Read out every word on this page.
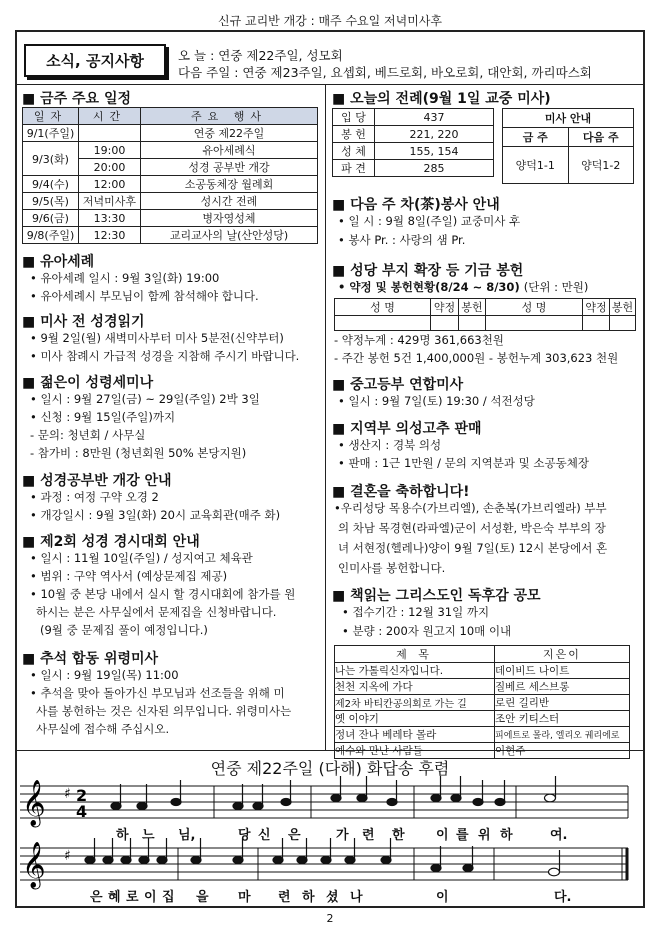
신규 교리반 개강 : 매주 수요일 저녁미사후
소식, 공지사항	오 늘 : 연중 제22주일, 성모회
다음 주일 : 연중 제23주일, 요셉회, 베드로회, 바오로회, 대안회, 까리따스회
■ 금주 주요 일정
일자	시간	주요 행사
9/1(주일)		연중 제22주일
9/3(화)	19:00	유아세례식
	20:00	성경 공부반 개강
9/4(수)	12:00	소공동체장 월례회
9/5(목)	저녁미사후	성시간 전례
9/6(금)	13:30	병자영성체
9/8(주일)	12:30	교리교사의 날(산안성당)
■ 유아세례
• 유아세례 일시 : 9월 3일(화) 19:00
• 유아세례시 부모님이 함께 참석해야 합니다.
■ 미사 전 성경읽기
• 9월 2일(월) 새벽미사부터 미사 5분전(신약부터)
• 미사 참례시 가급적 성경을 지참해 주시기 바랍니다.
■ 젊은이 성령세미나
• 일시 : 9월 27일(금) ~ 29일(주일) 2박 3일
• 신청 : 9월 15일(주일)까지
- 문의: 청년회 / 사무실
- 참가비 : 8만원 (청년회원 50% 본당지원)
■ 성경공부반 개강 안내
• 과정 : 여정 구약 오경 2
• 개강일시 : 9월 3일(화) 20시 교육회관(매주 화)
■ 제2회 성경 경시대회 안내
• 일시 : 11월 10일(주일) / 성지여고 체육관
• 범위 : 구약 역사서 (예상문제집 제공)
• 10월 중 본당 내에서 실시 할 경시대회에 참가를 원
하시는 분은 사무실에서 문제집을 신청바랍니다.
(9월 중 문제집 풀이 예정입니다.)
■ 추석 합동 위령미사
• 일시 : 9월 19일(목) 11:00
• 추석을 맞아 돌아가신 부모님과 선조들을 위해 미
사를 봉헌하는 것은 신자된 의무입니다. 위령미사는
사무실에 접수해 주십시오.
■ 오늘의 전례(9월 1일 교중 미사)
입 당	437
봉 헌	221, 220
성 체	155, 154
파 견	285
미사 안내	
금 주	다음 주
양덕1-1	양덕1-2
■ 다음 주 차(茶)봉사 안내
• 일 시 : 9월 8일(주일) 교중미사 후
• 봉사 Pr. : 사랑의 샘 Pr.
■ 성당 부지 확장 등 기금 봉헌
• 약정 및 봉헌현황(8/24 ~ 8/30) (단위 : 만원)
성 명	약정	봉헌	성 명	약정	봉헌

- 약정누계 : 429명 361,663천원
- 주간 봉헌 5건 1,400,000원 - 봉헌누계 303,623 천원
■ 중고등부 연합미사
• 일시 : 9월 7일(토) 19:30 / 석전성당
■ 지역부 의성고추 판매
• 생산지 : 경북 의성
• 판매 : 1근 1만원 / 문의 지역분과 및 소공동체장
■ 결혼을 축하합니다!
•우리성당 목용수(가브리엘), 손춘복(가브리엘라) 부부
의 차남 목경현(라파엘)군이 서성환, 박은숙 부부의 장
녀 서현정(헬레나)양이 9월 7일(토) 12시 본당에서 혼
인미사를 봉헌합니다.
■ 책읽는 그리스도인 독후감 공모
• 접수기간 : 12월 31일 까지
• 분량 : 200자 원고지 10매 이내
제 목	지은이
나는 가톨릭신자입니다.	데이비드 나이트
천천 지옥에 가다	질베르 세스브롱
제2차 바티칸공의회로 가는 길	로린 길리반
옛 이야기	조안 키티스터
정녀 잔나 베레타 몰라	피에트로 몰라, 엘리오 궤리에로
예수와 만난 사람들	이현주
연중 제22주일 (다해) 화답송 후렴
𝄞 ♯ 2
4
𝄞 ♯
하 느 님,	당 신 은	가 련 한 이 를 위 하	여.
은 혜 로 이 집 을 마 련 하 셨 나	이	다.
2
